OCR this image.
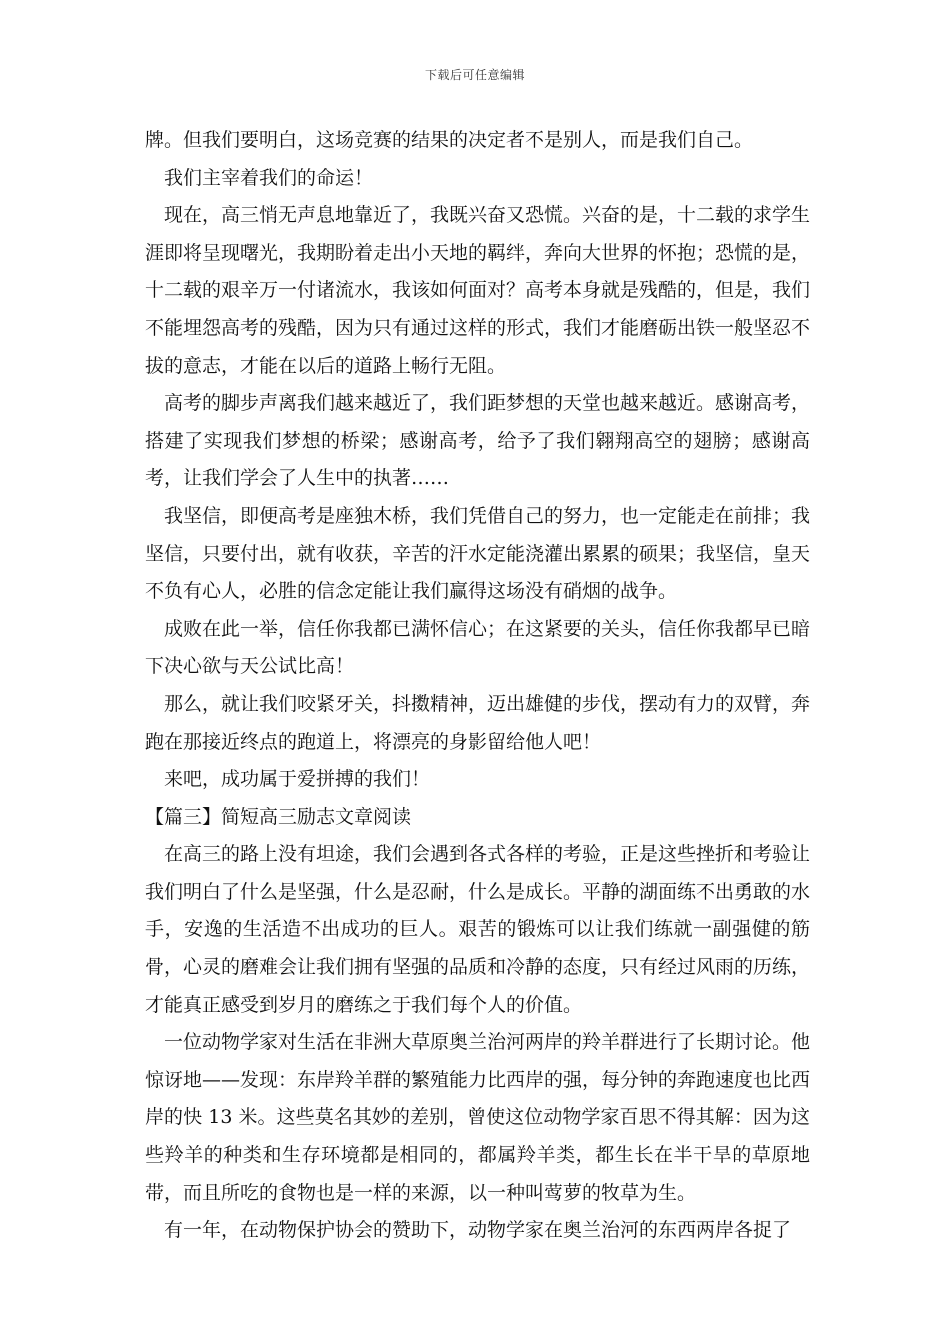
下载后可任意编辑

牌。但我们要明白，这场竞赛的结果的决定者不是别人，而是我们自己。

我们主宰着我们的命运！

现在，高三悄无声息地靠近了，我既兴奋又恐慌。兴奋的是，十二载的求学生涯即将呈现曙光，我期盼着走出小天地的羁绊，奔向大世界的怀抱；恐慌的是，十二载的艰辛万一付诸流水，我该如何面对？高考本身就是残酷的，但是，我们不能埋怨高考的残酷，因为只有通过这样的形式，我们才能磨砺出铁一般坚忍不拔的意志，才能在以后的道路上畅行无阻。

高考的脚步声离我们越来越近了，我们距梦想的天堂也越来越近。感谢高考，搭建了实现我们梦想的桥梁；感谢高考，给予了我们翱翔高空的翅膀；感谢高考，让我们学会了人生中的执著……

我坚信，即便高考是座独木桥，我们凭借自己的努力，也一定能走在前排；我坚信，只要付出，就有收获，辛苦的汗水定能浇灌出累累的硕果；我坚信，皇天不负有心人，必胜的信念定能让我们赢得这场没有硝烟的战争。

成败在此一举，信任你我都已满怀信心；在这紧要的关头，信任你我都早已暗下决心欲与天公试比高！

那么，就让我们咬紧牙关，抖擞精神，迈出雄健的步伐，摆动有力的双臂，奔跑在那接近终点的跑道上，将漂亮的身影留给他人吧！

来吧，成功属于爱拼搏的我们！

【篇三】简短高三励志文章阅读

在高三的路上没有坦途，我们会遇到各式各样的考验，正是这些挫折和考验让我们明白了什么是坚强，什么是忍耐，什么是成长。平静的湖面练不出勇敢的水手，安逸的生活造不出成功的巨人。艰苦的锻炼可以让我们练就一副强健的筋骨，心灵的磨难会让我们拥有坚强的品质和冷静的态度，只有经过风雨的历练，才能真正感受到岁月的磨练之于我们每个人的价值。

一位动物学家对生活在非洲大草原奥兰治河两岸的羚羊群进行了长期讨论。他惊讶地——发现：东岸羚羊群的繁殖能力比西岸的强，每分钟的奔跑速度也比西岸的快 13 米。这些莫名其妙的差别，曾使这位动物学家百思不得其解：因为这些羚羊的种类和生存环境都是相同的，都属羚羊类，都生长在半干旱的草原地带，而且所吃的食物也是一样的来源，以一种叫莺萝的牧草为生。

有一年，在动物保护协会的赞助下，动物学家在奥兰治河的东西两岸各捉了
